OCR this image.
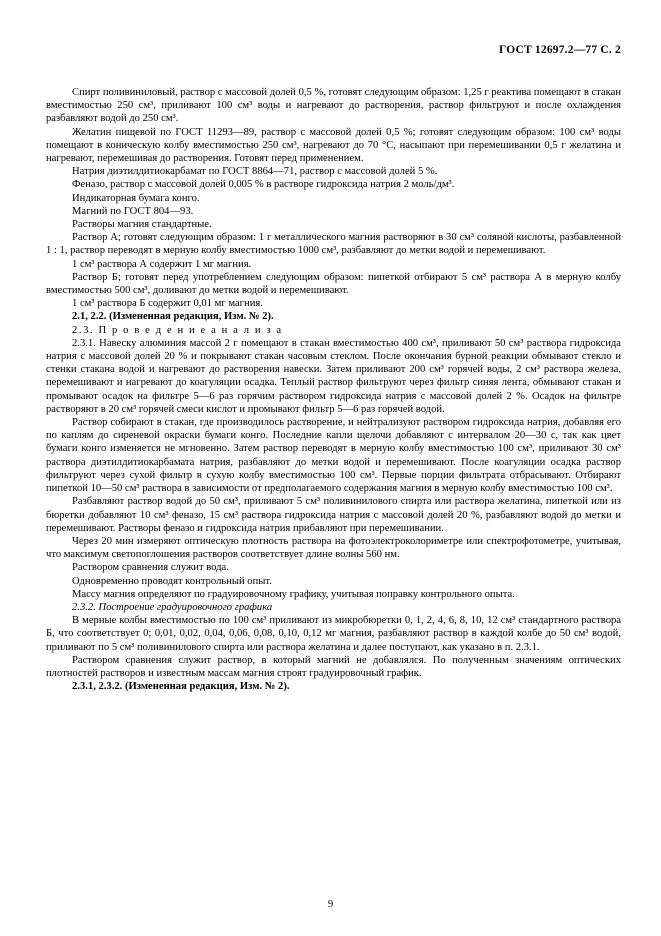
ГОСТ 12697.2—77 С. 2

Спирт поливиниловый, раствор с массовой долей 0,5 %, готовят следующим образом: 1,25 г реактива помещают в стакан вместимостью 250 см³, приливают 100 см³ воды и нагревают до растворения, раствор фильтруют и после охлаждения разбавляют водой до 250 см³.

Желатин пищевой по ГОСТ 11293—89, раствор с массовой долей 0,5 %; готовят следующим образом: 100 см³ воды помещают в коническую колбу вместимостью 250 см³, нагревают до 70 °С, насыпают при перемешивании 0,5 г желатина и нагревают, перемешивая до растворения. Готовят перед применением.

Натрия диэтилдитиокарбамат по ГОСТ 8864—71, раствор с массовой долей 5 %.

Феназо, раствор с массовой долей 0,005 % в растворе гидроксида натрия 2 моль/дм³.

Индикаторная бумага конго.

Магний по ГОСТ 804—93.

Растворы магния стандартные.

Раствор А; готовят следующим образом: 1 г металлического магния растворяют в 30 см³ соляной кислоты, разбавленной 1 : 1, раствор переводят в мерную колбу вместимостью 1000 см³, разбавляют до метки водой и перемешивают.

1 см³ раствора А содержит 1 мг магния.

Раствор Б; готовят перед употреблением следующим образом: пипеткой отбирают 5 см³ раствора А в мерную колбу вместимостью 500 см³, доливают до метки водой и перемешивают.

1 см³ раствора Б содержит 0,01 мг магния.

2.1, 2.2. (Измененная редакция, Изм. № 2).

2.3. П р о в е д е н и е а н а л и з а

2.3.1. Навеску алюминия массой 2 г помещают в стакан вместимостью 400 см³, приливают 50 см³ раствора гидроксида натрия с массовой долей 20 % и покрывают стакан часовым стеклом. После окончания бурной реакции обмывают стекло и стенки стакана водой и нагревают до растворения навески. Затем приливают 200 см³ горячей воды, 2 см³ раствора железа, перемешивают и нагревают до коагуляции осадка. Теплый раствор фильтруют через фильтр синяя лента, обмывают стакан и промывают осадок на фильтре 5—6 раз горячим раствором гидроксида натрия с массовой долей 2 %. Осадок на фильтре растворяют в 20 см³ горячей смеси кислот и промывают фильтр 5—6 раз горячей водой.

Раствор собирают в стакан, где производилось растворение, и нейтрализуют раствором гидроксида натрия, добавляя его по каплям до сиреневой окраски бумаги конго. Последние капли щелочи добавляют с интервалом 20—30 с, так как цвет бумаги конго изменяется не мгновенно. Затем раствор переводят в мерную колбу вместимостью 100 см³, приливают 30 см³ раствора диэтилдитиокарбамата натрия, разбавляют до метки водой и перемешивают. После коагуляции осадка раствор фильтруют через сухой фильтр в сухую колбу вместимостью 100 см³. Первые порции фильтрата отбрасывают. Отбирают пипеткой 10—50 см³ раствора в зависимости от предполагаемого содержания магния в мерную колбу вместимостью 100 см³.

Разбавляют раствор водой до 50 см³, приливают 5 см³ поливинилового спирта или раствора желатина, пипеткой или из бюретки добавляют 10 см³ феназо, 15 см³ раствора гидроксида натрия с массовой долей 20 %, разбавляют водой до метки и перемешивают. Растворы феназо и гидроксида натрия прибавляют при перемешивании.

Через 20 мин измеряют оптическую плотность раствора на фотоэлектроколориметре или спектрофотометре, учитывая, что максимум светопоглошения растворов соответствует длине волны 560 нм.

Раствором сравнения служит вода.

Одновременно проводят контрольный опыт.

Массу магния определяют по градуировочному графику, учитывая поправку контрольного опыта.

2.3.2. Построение градуировочного графика

В мерные колбы вместимостью по 100 см³ приливают из микробюретки 0, 1, 2, 4, 6, 8, 10, 12 см³ стандартного раствора Б, что соответствует 0; 0,01, 0,02, 0,04, 0,06, 0,08, 0,10, 0,12 мг магния, разбавляют раствор в каждой колбе до 50 см³ водой, приливают по 5 см³ поливинилового спирта или раствора желатина и далее поступают, как указано в п. 2.3.1.

Раствором сравнения служит раствор, в который магний не добавлялся. По полученным значениям оптических плотностей растворов и известным массам магния строят градуировочный график.

2.3.1, 2.3.2. (Измененная редакция, Изм. № 2).

9
